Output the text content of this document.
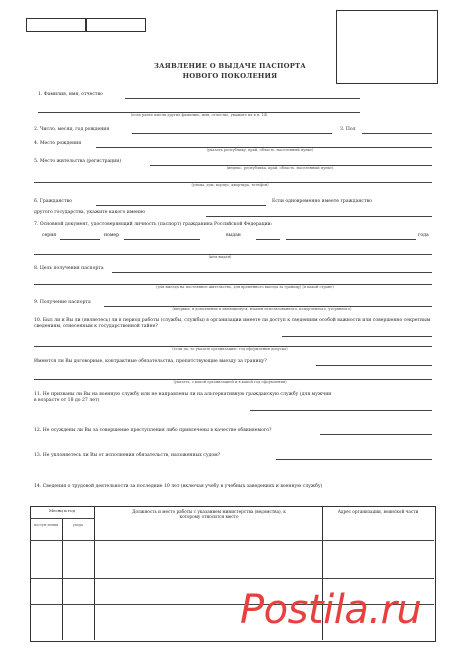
ЗАЯВЛЕНИЕ О ВЫДАЧЕ ПАСПОРТА
НОВОГО ПОКОЛЕНИЯ
1. Фамилия, имя, отчество
(если ранее имели другие фамилию, имя, отчество, укажите их в п. 14)
2. Число, месяц, год рождения	3. Пол
4. Место рождения
(указать республику, край, область, населенный пункт)
5. Место жительства (регистрации)
(индекс, республика, край, область, населенный пункт)
(улица, дом, корпус, квартира, телефон)
6. Гражданство	Если одновременно имеете гражданство
другого государства, укажите какого именно
7. Основной документ, удостоверяющий личность (паспорт) гражданина Российской Федерации:
серия	номер	выдан	года
(кем выдан)
8. Цель получения паспорта
(для выезда на постоянное жительство, для временного выезда за границу) (в какой стране)
9. Получение паспорта
(впервые, в дополнение к имеющемуся, взамен использованного, испорченного, утерянного)
10. Был ли и Вы ли (являетесь) ли в период работы (службы, службы) в организации имеете ли доступ к сведениям особой важности или совершенно секретным сведениям, отнесенным к государственной тайне?
(если да, то указать организацию, год оформления допуска)
Имеются ли Вы договорные, контрактные обязательства, препятствующие выезду за границу?
(указать, с какой организацией и в какой год оформления)
11. Не призваны ли Вы на военную службу или не направлены ли на альтернативную гражданскую службу (для мужчин в возрасте от 18 до 27 лет)
12. Не осуждены ли Вы за совершение преступления либо привлечены в качестве обвиняемого?
13. Не уклоняетесь ли Вы от исполнения обязательств, наложенных судом?
14. Сведения о трудовой деятельности за последние 10 лет (включая учебу в учебных заведениях и военную службу)
Месяц и год
поступ-ления	ухода
Должность и место работы с указанием министерства (ведомства), к которому относится место
Адрес организации, воинской части
Postila.ru
